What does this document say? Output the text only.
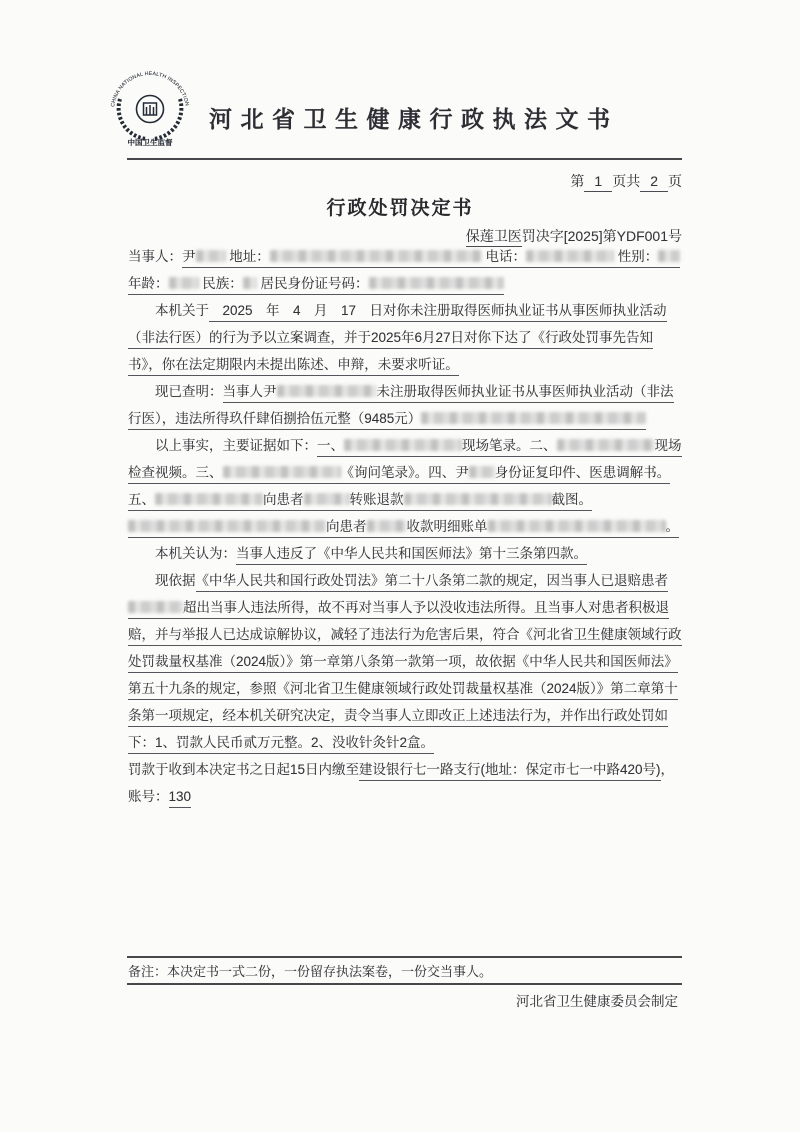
CHINA NATIONAL HEALTH INSPECTION
中国卫生监督
河北省卫生健康行政执法文书
第 1 页共 2 页
行政处罚决定书
保莲卫医罚决字[2025]第YDF001号

当事人：尹 地址：	电话：	性别： 年龄： 民族： 居民身份证号码：

本机关于　2025　年　4　月　17　日对你未注册取得医师执业证书从事医师执业活动（非法行医）的行为予以立案调查，并于2025年6月27日对你下达了《行政处罚事先告知书》，你在法定期限内未提出陈述、申辩，未要求听证。

现已查明：当事人尹	未注册取得医师执业证书从事医师执业活动（非法行医），违法所得玖仟肆佰捌拾伍元整（9485元）

以上事实，主要证据如下：一、	现场笔录。二、	现场检查视频。三、	《询问笔录》。四、尹 身份证复印件、医患调解书。五、	向患者	转账退款	截图。向患者	收款明细账单	。

本机关认为：当事人违反了《中华人民共和国医师法》第十三条第四款。

现依据《中华人民共和国行政处罚法》第二十八条第二款的规定，因当事人已退赔患者超出当事人违法所得，故不再对当事人予以没收违法所得。且当事人对患者积极退赔，并与举报人已达成谅解协议，减轻了违法行为危害后果，符合《河北省卫生健康领域行政处罚裁量权基准（2024版）》第一章第八条第一款第一项，故依据《中华人民共和国医师法》第五十九条的规定，参照《河北省卫生健康领域行政处罚裁量权基准（2024版）》第二章第十条第一项规定，经本机关研究决定，责令当事人立即改正上述违法行为，并作出行政处罚如下：1、罚款人民币贰万元整。2、没收针灸针2盒。

罚款于收到本决定书之日起15日内缴至建设银行七一路支行(地址：保定市七一中路420号)，账号：130

备注：本决定书一式二份，一份留存执法案卷，一份交当事人。
河北省卫生健康委员会制定
